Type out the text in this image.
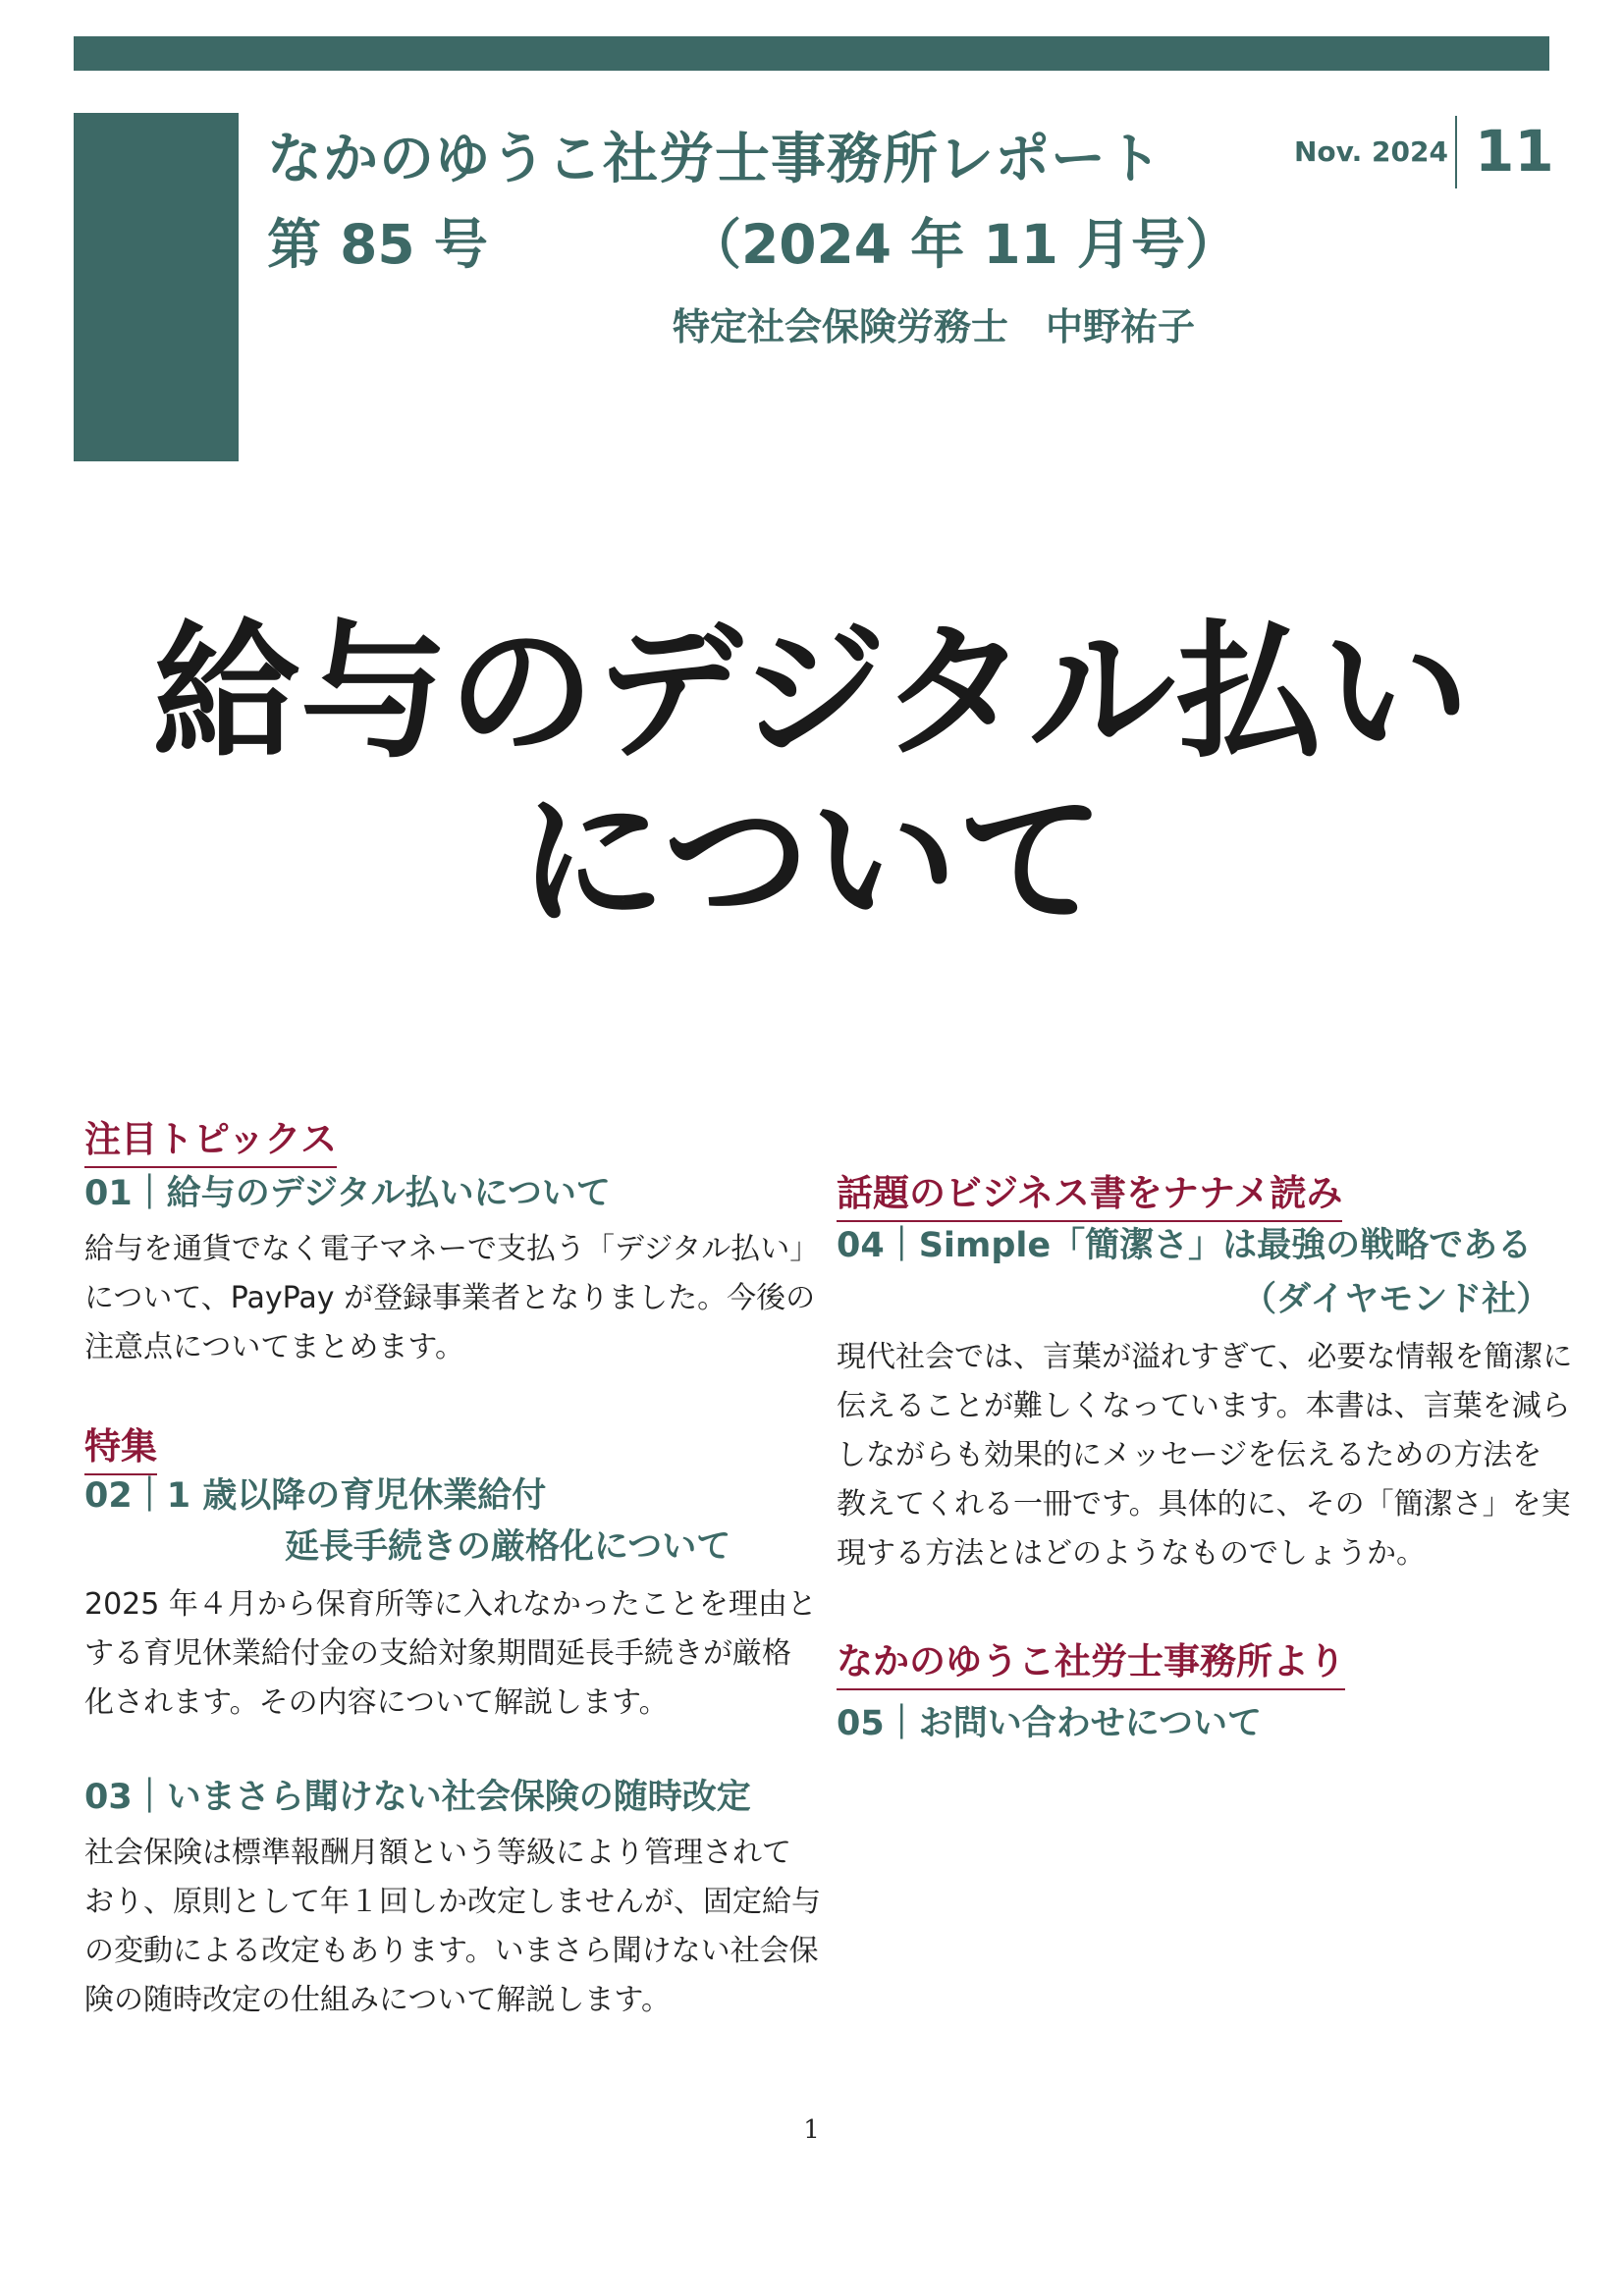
なかのゆうこ社労士事務所レポート
第 85 号	（2024 年 11 月号）
特定社会保険労務士　中野祐子
Nov. 2024 11
給与のデジタル払い
について
注目トピックス
01｜給与のデジタル払いについて
給与を通貨でなく電子マネーで支払う「デジタル払い」
について、PayPay が登録事業者となりました。今後の
注意点についてまとめます。
特集
02｜1 歳以降の育児休業給付
延長手続きの厳格化について
2025 年４月から保育所等に入れなかったことを理由と
する育児休業給付金の支給対象期間延長手続きが厳格
化されます。その内容について解説します。
03｜いまさら聞けない社会保険の随時改定
社会保険は標準報酬月額という等級により管理されて
おり、原則として年１回しか改定しませんが、固定給与
の変動による改定もあります。いまさら聞けない社会保
険の随時改定の仕組みについて解説します。
話題のビジネス書をナナメ読み
04｜Simple「簡潔さ」は最強の戦略である
（ダイヤモンド社）
現代社会では、言葉が溢れすぎて、必要な情報を簡潔に
伝えることが難しくなっています。本書は、言葉を減ら
しながらも効果的にメッセージを伝えるための方法を
教えてくれる一冊です。具体的に、その「簡潔さ」を実
現する方法とはどのようなものでしょうか。
なかのゆうこ社労士事務所より
05｜お問い合わせについて
1
